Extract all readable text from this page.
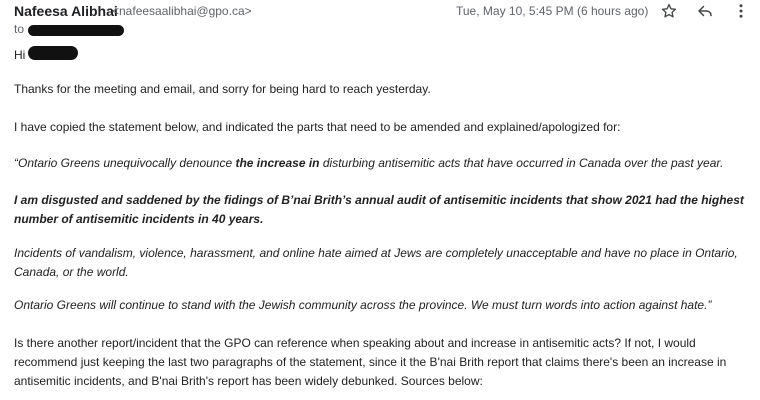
Nafeesa Alibhai
<nafeesaalibhai@gpo.ca>	Tue, May 10, 5:45 PM (6 hours ago)
to
Hi

Thanks for the meeting and email, and sorry for being hard to reach yesterday.

I have copied the statement below, and indicated the parts that need to be amended and explained/apologized for:

“Ontario Greens unequivocally denounce the increase in disturbing antisemitic acts that have occurred in Canada over the past year.

I am disgusted and saddened by the fidings of B’nai Brith’s annual audit of antisemitic incidents that show 2021 had the highest number of antisemitic incidents in 40 years.

Incidents of vandalism, violence, harassment, and online hate aimed at Jews are completely unacceptable and have no place in Ontario, Canada, or the world.

Ontario Greens will continue to stand with the Jewish community across the province. We must turn words into action against hate.”

Is there another report/incident that the GPO can reference when speaking about and increase in antisemitic acts? If not, I would recommend just keeping the last two paragraphs of the statement, since it the B'nai Brith report that claims there's been an increase in antisemitic incidents, and B'nai Brith's report has been widely debunked. Sources below:
